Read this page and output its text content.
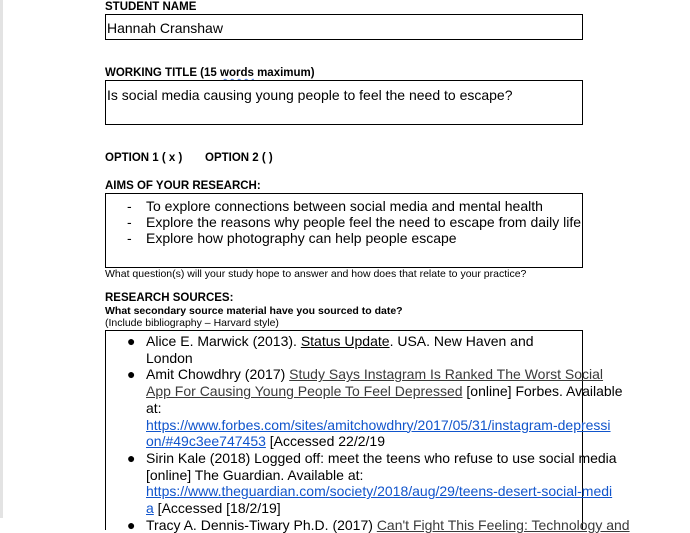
STUDENT NAME
Hannah Cranshaw
WORKING TITLE (15 words maximum)
Is social media causing young people to feel the need to escape?
OPTION 1 ( x ) OPTION 2 ( )
AIMS OF YOUR RESEARCH:
- To explore connections between social media and mental health
- Explore the reasons why people feel the need to escape from daily life
- Explore how photography can help people escape
What question(s) will your study hope to answer and how does that relate to your practice?
RESEARCH SOURCES:
What secondary source material have you sourced to date?
(Include bibliography – Harvard style)
● Alice E. Marwick (2013). Status Update. USA. New Haven and London
● Amit Chowdhry (2017) Study Says Instagram Is Ranked The Worst Social
App For Causing Young People To Feel Depressed [online] Forbes. Available
at:
https://www.forbes.com/sites/amitchowdhry/2017/05/31/instagram-depressi
on/#49c3ee747453 [Accessed 22/2/19
● Sirin Kale (2018) Logged off: meet the teens who refuse to use social media
[online] The Guardian. Available at:
https://www.theguardian.com/society/2018/aug/29/teens-desert-social-medi
a [Accessed [18/2/19]
● Tracy A. Dennis-Tiwary Ph.D. (2017) Can't Fight This Feeling: Technology and
